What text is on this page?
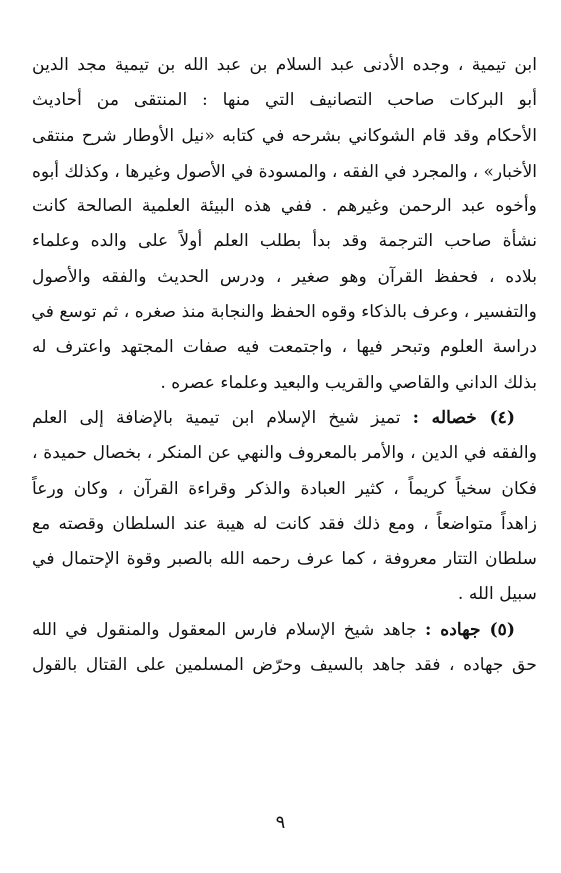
ابن تيمية ، وجده الأدنى عبد السلام بن عبد الله بن تيمية مجد الدين
أبو البركات صاحب التصانيف التي منها : المنتقى من أحاديث
الأحكام وقد قام الشوكاني بشرحه في كتابه «نيل الأوطار شرح منتقى
الأخبار» ، والمجرد في الفقه ، والمسودة في الأصول وغيرها ، وكذلك أبوه
وأخوه عبد الرحمن وغيرهم . ففي هذه البيئة العلمية الصالحة كانت
نشأة صاحب الترجمة وقد بدأ بطلب العلم أولاً على والده وعلماء
بلاده ، فحفظ القرآن وهو صغير ، ودرس الحديث والفقه والأصول
والتفسير ، وعرف بالذكاء وقوه الحفظ والنجابة منذ صغره ، ثم توسع في
دراسة العلوم وتبحر فيها ، واجتمعت فيه صفات المجتهد واعترف له
بذلك الداني والقاصي والقريب والبعيد وعلماء عصره .
(٤) خصاله : تميز شيخ الإسلام ابن تيمية بالإضافة إلى العلم
والفقه في الدين ، والأمر بالمعروف والنهي عن المنكر ، بخصال حميدة ،
فكان سخياً كريماً ، كثير العبادة والذكر وقراءة القرآن ، وكان ورعاً
زاهداً متواضعاً ، ومع ذلك فقد كانت له هيبة عند السلطان وقصته مع
سلطان التتار معروفة ، كما عرف رحمه الله بالصبر وقوة الإحتمال في
سبيل الله .
(٥) جهاده : جاهد شيخ الإسلام فارس المعقول والمنقول في الله
حق جهاده ، فقد جاهد بالسيف وحرّض المسلمين على القتال بالقول
٩
